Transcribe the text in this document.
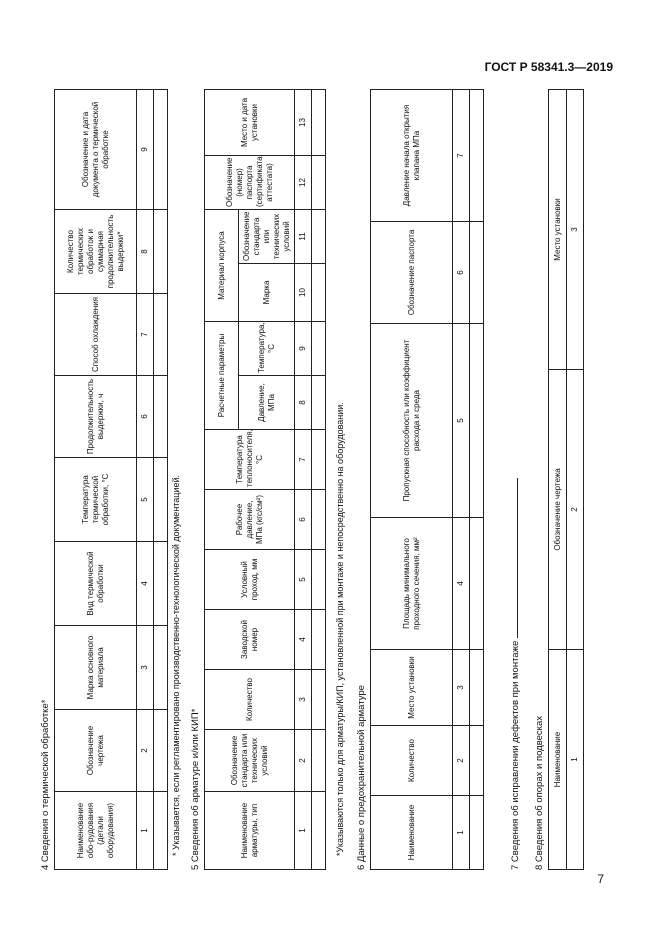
ГОСТ Р 58341.3—2019
4 Сведения о термической обработке*	Наименование обо-рудования (детали оборудования)	Обозначение чертежа	Марка основного материала	Вид термической обработки	Температура термической обработки, °С	Продолжительность выдержки, ч	Способ охлаждения	Количество термических обработок и суммарная продолжительность выдержки*	Обозначение и дата документа о термической обработке
1	2	3	4	5	6	7	8	9

* Указывается, если регламентировано производственно-технологической документацией. 5 Сведения об арматуре и/или КИП*	Наименование арматуры, тип	Обозначение стандарта или технических условий	Количество	Заводской номер	Условный проход, мм	Рабочее давление, МПа (кгс/см²)	Температура теплоносителя, °С	Расчетные параметры		Материал корпуса		Обозначение (номер) паспорта (сертификата, аттестата)	Место и дата установки
							Давление, МПа	Температура, °С	Марка	Обозначение стандарта или технических условий		
1	2	3	4	5	6	7	8	9	10	11	12	13

*Указываются только для арматуры/КИП, установленной при монтаже и непосредственно на оборудовании. 6 Данные о предохранительной арматуре	Наименование	Количество	Место установки	Площадь минимального проходного сечения, мм²	Пропускная способность или коэффициент расхода и среда	Обозначение паспорта	Давление начала открытия клапана МПа
1	2	3	4	5	6	7

7 Сведения об исправлении дефектов при монтаже 8 Сведения об опорах и подвесках Наименование	Обозначение чертежа	Место установки
1	2	3
7
